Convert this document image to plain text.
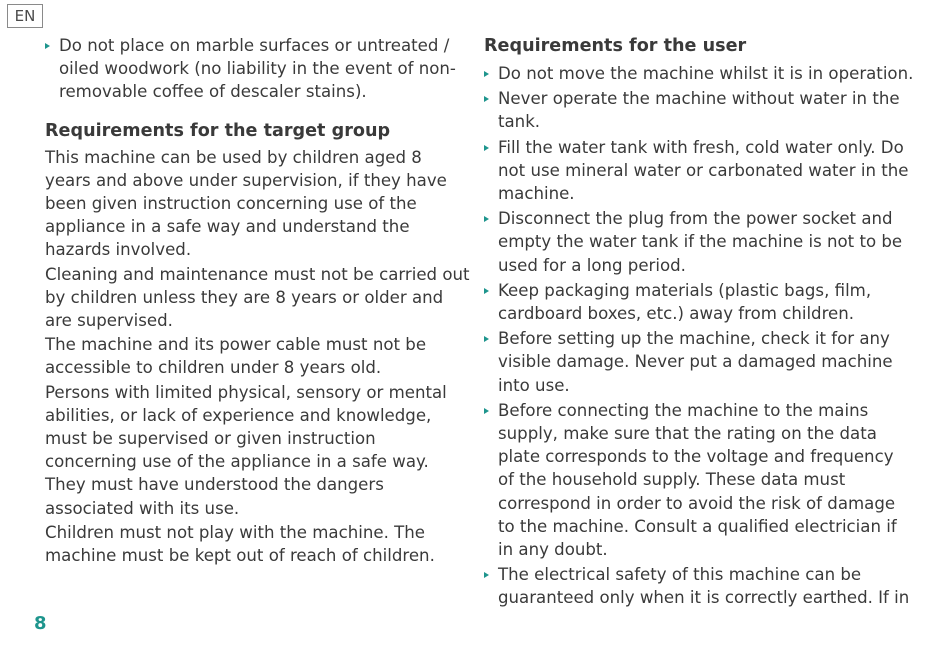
EN
Do not place on marble surfaces or untreated / oiled woodwork (no liability in the event of non-removable coffee of descaler stains).
Requirements for the target group

This machine can be used by children aged 8 years and above under supervision, if they have been given instruction concerning use of the appliance in a safe way and understand the hazards involved.

Cleaning and maintenance must not be carried out by children unless they are 8 years or older and are supervised.

The machine and its power cable must not be accessible to children under 8 years old.

Persons with limited physical, sensory or mental abilities, or lack of experience and knowledge, must be supervised or given instruction concerning use of the appliance in a safe way. They must have understood the dangers associated with its use.

Children must not play with the machine. The machine must be kept out of reach of children.

Requirements for the user
Do not move the machine whilst it is in operation.
Never operate the machine without water in the tank.
Fill the water tank with fresh, cold water only. Do not use mineral water or carbonated water in the machine.
Disconnect the plug from the power socket and empty the water tank if the machine is not to be used for a long period.
Keep packaging materials (plastic bags, film, cardboard boxes, etc.) away from children.
Before setting up the machine, check it for any visible damage. Never put a damaged machine into use.
Before connecting the machine to the mains supply, make sure that the rating on the data plate corresponds to the voltage and frequency of the household supply. These data must correspond in order to avoid the risk of damage to the machine. Consult a qualified electrician if in any doubt.
The electrical safety of this machine can be guaranteed only when it is correctly earthed. If in
8
